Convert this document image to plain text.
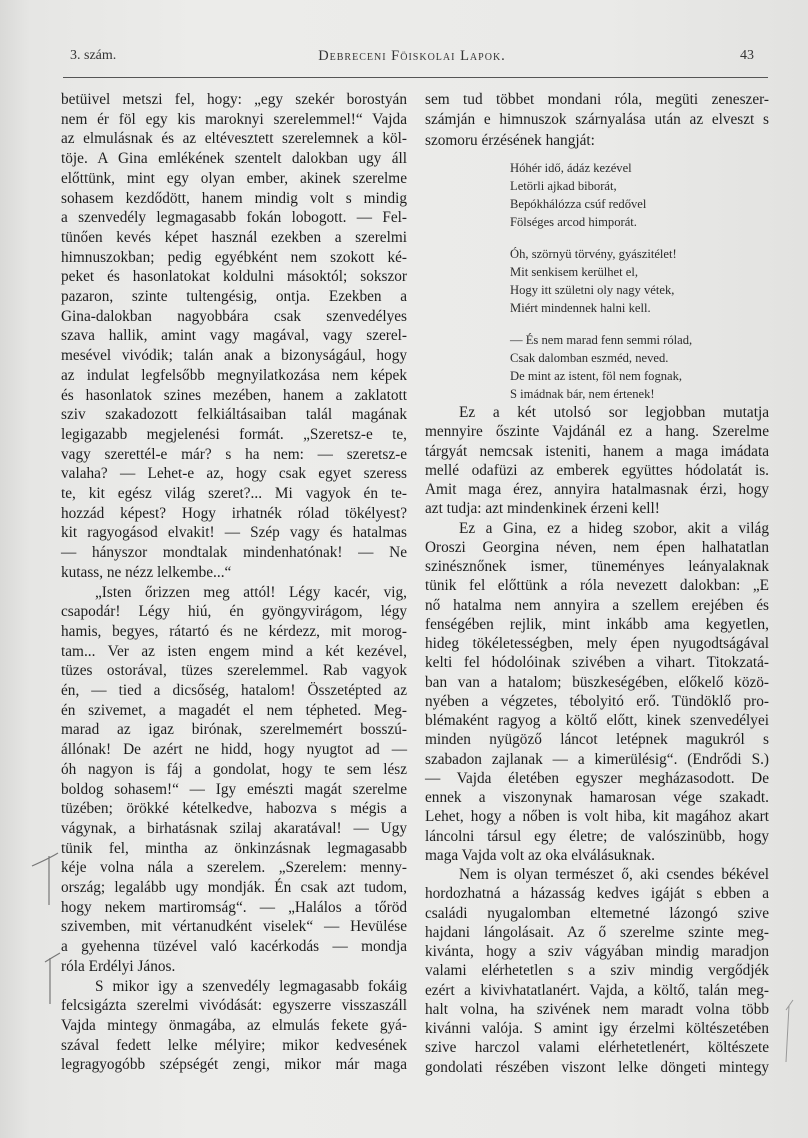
3. szám.	Debreceni Föiskolai Lapok.	43
betüivel metszi fel, hogy: „egy szekér borostyán
nem ér föl egy kis maroknyi szerelemmel!“ Vajda
az elmulásnak és az eltévesztett szerelemnek a köl-
töje. A Gina emlékének szentelt dalokban ugy áll
előttünk, mint egy olyan ember, akinek szerelme
sohasem kezdődött, hanem mindig volt s mindig
a szenvedély legmagasabb fokán lobogott. — Fel-
tünően kevés képet használ ezekben a szerelmi
himnuszokban; pedig egyébként nem szokott ké-
peket és hasonlatokat koldulni másoktól; sokszor
pazaron, szinte tultengésig, ontja. Ezekben a
Gina-dalokban nagyobbára csak szenvedélyes
szava hallik, amint vagy magával, vagy szerel-
mesével vivódik; talán anak a bizonyságául, hogy
az indulat legfelsőbb megnyilatkozása nem képek
és hasonlatok szines mezében, hanem a zaklatott
sziv szakadozott felkiáltásaiban talál magának
legigazabb megjelenési formát. „Szeretsz-e te,
vagy szerettél-e már? s ha nem: — szeretsz-e
valaha? — Lehet-e az, hogy csak egyet szeress
te, kit egész világ szeret?... Mi vagyok én te-
hozzád képest? Hogy irhatnék rólad tökélyest?
kit ragyogásod elvakit! — Szép vagy és hatalmas
— hányszor mondtalak mindenhatónak! — Ne
kutass, ne nézz lelkembe...“
„Isten őrizzen meg attól! Légy kacér, vig,
csapodár! Légy hiú, én gyöngyvirágom, légy
hamis, begyes, rátartó és ne kérdezz, mit morog-
tam... Ver az isten engem mind a két kezével,
tüzes ostorával, tüzes szerelemmel. Rab vagyok
én, — tied a dicsőség, hatalom! Összetépted az
én szivemet, a magadét el nem tépheted. Meg-
marad az igaz birónak, szerelmemért bosszú-
állónak! De azért ne hidd, hogy nyugtot ad —
óh nagyon is fáj a gondolat, hogy te sem lész
boldog sohasem!“ — Igy emészti magát szerelme
tüzében; örökké kételkedve, habozva s mégis a
vágynak, a birhatásnak szilaj akaratával! — Ugy
tünik fel, mintha az önkinzásnak legmagasabb
kéje volna nála a szerelem. „Szerelem: menny-
ország; legalább ugy mondják. Én csak azt tudom,
hogy nekem martiromság“. — „Halálos a tőröd
szivemben, mit vértanudként viselek“ — Hevülése
a gyehenna tüzével való kacérkodás — mondja
róla Erdélyi János.
S mikor igy a szenvedély legmagasabb fokáig
felcsigázta szerelmi vivódását: egyszerre visszaszáll
Vajda mintegy önmagába, az elmulás fekete gyá-
szával fedett lelke mélyire; mikor kedvesének
legragyogóbb szépségét zengi, mikor már maga
sem tud többet mondani róla, megüti zeneszer-
számján e himnuszok szárnyalása után az elveszt s
szomoru érzésének hangját:
Hóhér idő, ádáz kezével
Letörli ajkad biborát,
Bepókhálózza csúf redővel
Fölséges arcod himporát.
Óh, szörnyü törvény, gyászitélet!
Mit senkisem kerülhet el,
Hogy itt születni oly nagy vétek,
Miért mindennek halni kell.
— És nem marad fenn semmi rólad,
Csak dalomban eszméd, neved.
De mint az istent, föl nem fognak,
S imádnak bár, nem értenek!
Ez a két utolsó sor legjobban mutatja
mennyire őszinte Vajdánál ez a hang. Szerelme
tárgyát nemcsak isteniti, hanem a maga imádata
mellé odafüzi az emberek együttes hódolatát is.
Amit maga érez, annyira hatalmasnak érzi, hogy
azt tudja: azt mindenkinek érzeni kell!
Ez a Gina, ez a hideg szobor, akit a világ
Oroszi Georgina néven, nem épen halhatatlan
szinésznőnek ismer, tüneményes leányalaknak
tünik fel előttünk a róla nevezett dalokban: „E
nő hatalma nem annyira a szellem erejében és
fenségében rejlik, mint inkább ama kegyetlen,
hideg tökéletességben, mely épen nyugodtságával
kelti fel hódolóinak szivében a vihart. Titokzatá-
ban van a hatalom; büszkeségében, előkelő közö-
nyében a végzetes, tébolyitó erő. Tündöklő pro-
blémaként ragyog a költő előtt, kinek szenvedélyei
minden nyügöző láncot letépnek magukról s
szabadon zajlanak — a kimerülésig“. (Endrődi S.)
— Vajda életében egyszer megházasodott. De
ennek a viszonynak hamarosan vége szakadt.
Lehet, hogy a nőben is volt hiba, kit magához akart
láncolni társul egy életre; de valószinübb, hogy
maga Vajda volt az oka elválásuknak.
Nem is olyan természet ő, aki csendes békével
hordozhatná a házasság kedves igáját s ebben a
családi nyugalomban eltemetné lázongó szive
hajdani lángolásait. Az ő szerelme szinte meg-
kivánta, hogy a sziv vágyában mindig maradjon
valami elérhetetlen s a sziv mindig vergődjék
ezért a kivivhatatlanért. Vajda, a költő, talán meg-
halt volna, ha szivének nem maradt volna több
kivánni valója. S amint igy érzelmi költészetében
szive harczol valami elérhetetlenért, költészete
gondolati részében viszont lelke döngeti mintegy
